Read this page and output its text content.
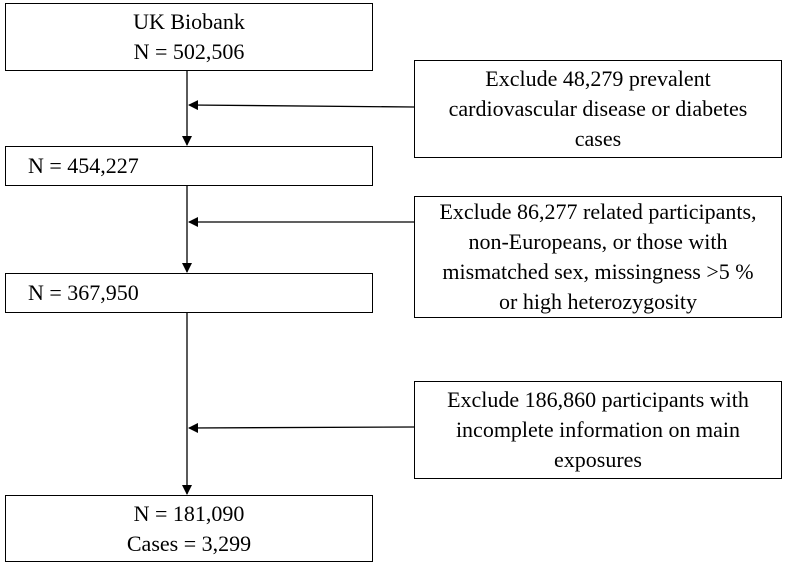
UK Biobank
N = 502,506
N = 454,227
N = 367,950
N = 181,090
Cases = 3,299
Exclude 48,279 prevalent
cardiovascular disease or diabetes
cases
Exclude 86,277 related participants,
non-Europeans, or those with
mismatched sex, missingness >5 %
or high heterozygosity
Exclude 186,860 participants with
incomplete information on main
exposures
